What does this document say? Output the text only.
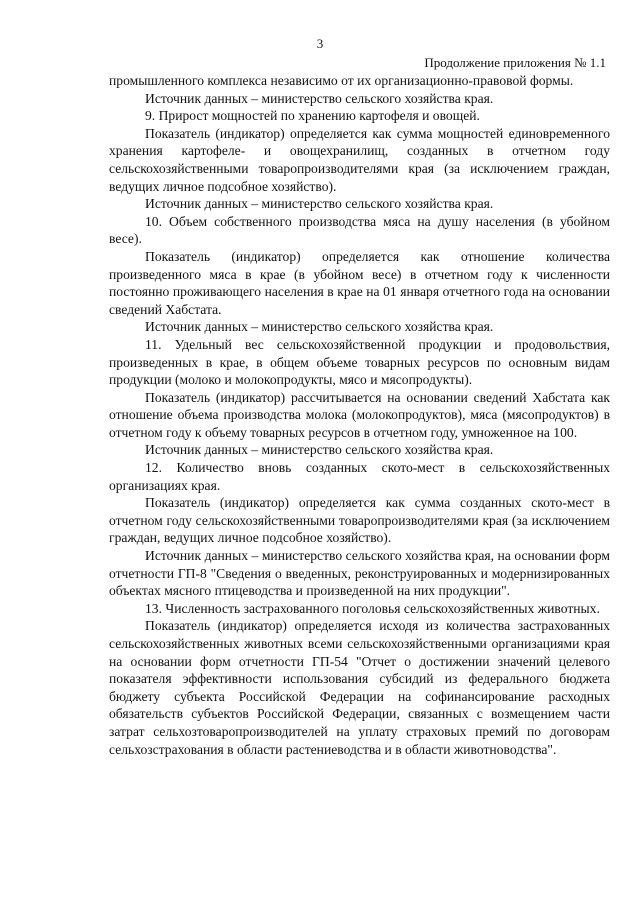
3
Продолжение приложения № 1.1

промышленного комплекса независимо от их организационно-правовой формы.

Источник данных – министерство сельского хозяйства края.

9. Прирост мощностей по хранению картофеля и овощей.

Показатель (индикатор) определяется как сумма мощностей единовременного хранения картофеле- и овощехранилищ, созданных в отчетном году сельскохозяйственными товаропроизводителями края (за исключением граждан, ведущих личное подсобное хозяйство).

Источник данных – министерство сельского хозяйства края.

10. Объем собственного производства мяса на душу населения (в убойном весе).

Показатель (индикатор) определяется как отношение количества произведенного мяса в крае (в убойном весе) в отчетном году к численности постоянно проживающего населения в крае на 01 января отчетного года на основании сведений Хабстата.

Источник данных – министерство сельского хозяйства края.

11. Удельный вес сельскохозяйственной продукции и продовольствия, произведенных в крае, в общем объеме товарных ресурсов по основным видам продукции (молоко и молокопродукты, мясо и мясопродукты).

Показатель (индикатор) рассчитывается на основании сведений Хабстата как отношение объема производства молока (молокопродуктов), мяса (мясопродуктов) в отчетном году к объему товарных ресурсов в отчетном году, умноженное на 100.

Источник данных – министерство сельского хозяйства края.

12. Количество вновь созданных ското-мест в сельскохозяйственных организациях края.

Показатель (индикатор) определяется как сумма созданных ското-мест в отчетном году сельскохозяйственными товаропроизводителями края (за исключением граждан, ведущих личное подсобное хозяйство).

Источник данных – министерство сельского хозяйства края, на основании форм отчетности ГП-8 "Сведения о введенных, реконструированных и модернизированных объектах мясного птицеводства и произведенной на них продукции".

13. Численность застрахованного поголовья сельскохозяйственных животных.

Показатель (индикатор) определяется исходя из количества застрахованных сельскохозяйственных животных всеми сельскохозяйственными организациями края на основании форм отчетности ГП-54 "Отчет о достижении значений целевого показателя эффективности использования субсидий из федерального бюджета бюджету субъекта Российской Федерации на софинансирование расходных обязательств субъектов Российской Федерации, связанных с возмещением части затрат сельхозтоваропроизводителей на уплату страховых премий по договорам сельхозстрахования в области растениеводства и в области животноводства".
